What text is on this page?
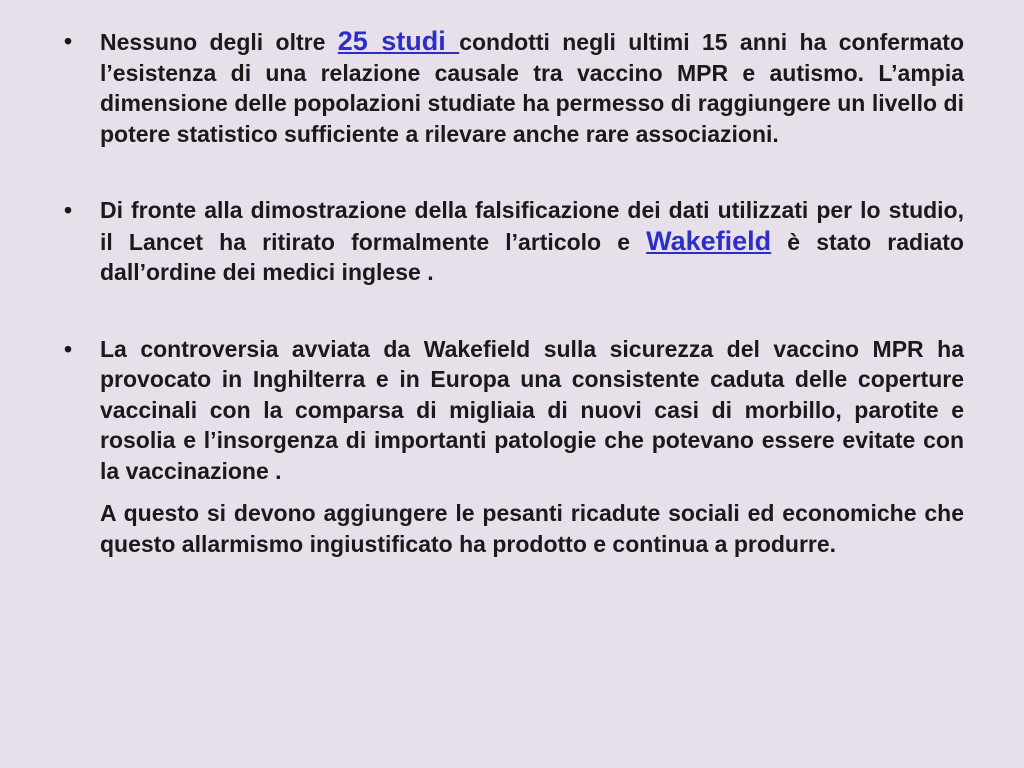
•	Nessuno degli oltre 25 studi condotti negli ultimi 15 anni ha confermato l’esistenza di una relazione causale tra vaccino MPR e autismo. L’ampia dimensione delle popolazioni studiate ha permesso di raggiungere un livello di potere statistico sufficiente a rilevare anche rare associazioni.

•	Di fronte alla dimostrazione della falsificazione dei dati utilizzati per lo studio, il Lancet ha ritirato formalmente l’articolo e Wakefield è stato radiato dall’ordine dei medici inglese .

•	La controversia avviata da Wakefield sulla sicurezza del vaccino MPR ha provocato in Inghilterra e in Europa una consistente caduta delle coperture vaccinali con la comparsa di migliaia di nuovi casi di morbillo, parotite e rosolia e l’insorgenza di importanti patologie che potevano essere evitate con la vaccinazione .

A questo si devono aggiungere le pesanti ricadute sociali ed economiche che questo allarmismo ingiustificato ha prodotto e continua a produrre.
